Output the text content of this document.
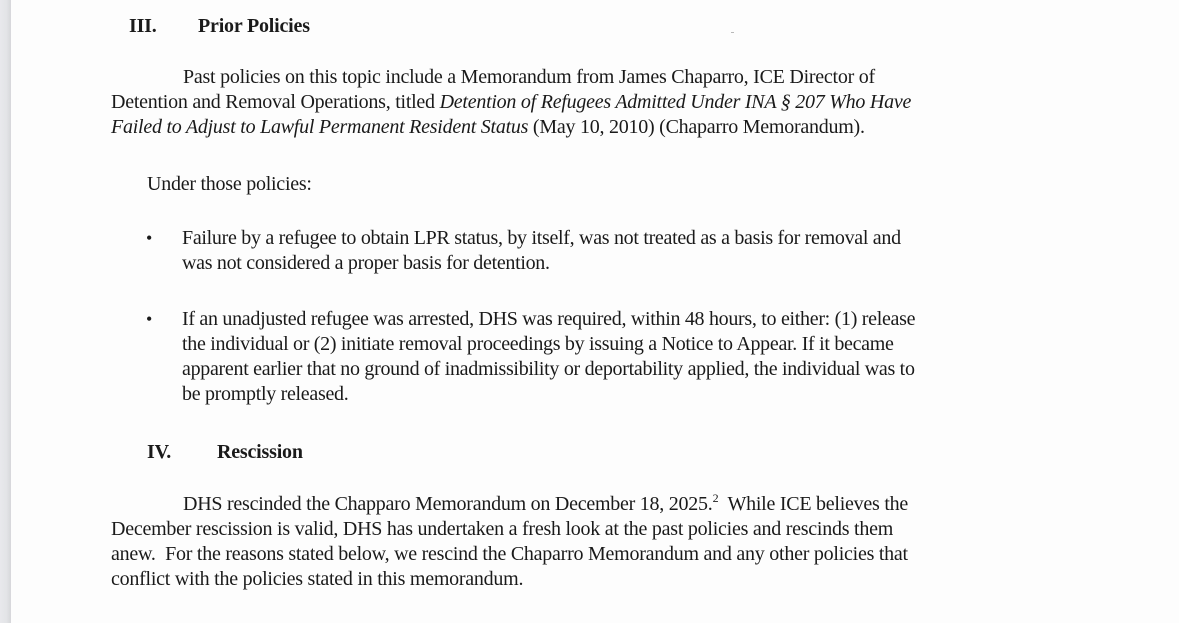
III. Prior Policies
Past policies on this topic include a Memorandum from James Chaparro, ICE Director of
Detention and Removal Operations, titled Detention of Refugees Admitted Under INA § 207 Who Have
Failed to Adjust to Lawful Permanent Resident Status (May 10, 2010) (Chaparro Memorandum).
Under those policies:
• Failure by a refugee to obtain LPR status, by itself, was not treated as a basis for removal and
was not considered a proper basis for detention.
• If an unadjusted refugee was arrested, DHS was required, within 48 hours, to either: (1) release
the individual or (2) initiate removal proceedings by issuing a Notice to Appear. If it became
apparent earlier that no ground of inadmissibility or deportability applied, the individual was to
be promptly released.
IV. Rescission
DHS rescinded the Chapparo Memorandum on December 18, 2025.$^2$  While ICE believes the
December rescission is valid, DHS has undertaken a fresh look at the past policies and rescinds them
anew.  For the reasons stated below, we rescind the Chaparro Memorandum and any other policies that
conflict with the policies stated in this memorandum.
